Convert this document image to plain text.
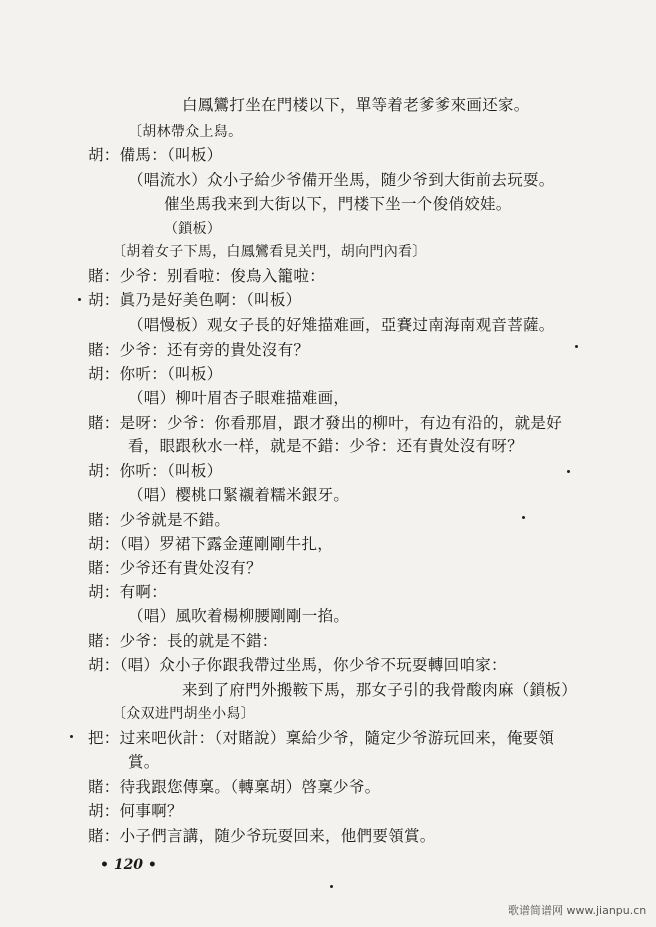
白鳳鸞打坐在門楼以下，單等着老爹爹來画还家。
〔胡林帶众上舄。
胡：備馬：（叫板）
（唱流水）众小子給少爷備开坐馬，随少爷到大街前去玩耍。
催坐馬我来到大街以下，門楼下坐一个俊俏姣娃。
（鎖板）
〔胡着女子下馬，白鳳鸞看見关門，胡向門內看〕
賭：少爷：别看啦：俊鳥入籠啦：
胡：眞乃是好美色啊：（叫板）
（唱慢板）观女子長的好雉描难画，亞賽过南海南观音菩薩。
賭：少爷：还有旁的貴处沒有？
胡：你听：（叫板）
（唱）柳叶眉杏子眼难描难画，
賭：是呀：少爷：你看那眉，跟才發出的柳叶，有边有沿的，就是好
看，眼跟秋水一样，就是不錯：少爷：还有貴处沒有呀？
胡：你听：（叫板）
（唱）樱桃口緊襯着糯米銀牙。
賭：少爷就是不錯。
胡：（唱）罗裙下露金蓮剛剛牛扎，
賭：少爷还有貴处沒有？
胡：有啊：
（唱）風吹着楊柳腰剛剛一掐。
賭：少爷：長的就是不錯：
胡：（唱）众小子你跟我帶过坐馬，你少爷不玩耍轉回咱家：
来到了府門外搬鞍下馬，那女子引的我骨酸肉麻（鎖板）
〔众双进門胡坐小舄〕
把：过来吧伙計：（对賭說）稟給少爷，隨定少爷游玩回来，俺要領
賞。
賭：待我跟您傳稟。（轉稟胡）啓稟少爷。
胡：何事啊？
賭：小子們言講，随少爷玩耍回来，他們要領賞。
• 120 •
歌谱简谱网 www.jianpu.cn
